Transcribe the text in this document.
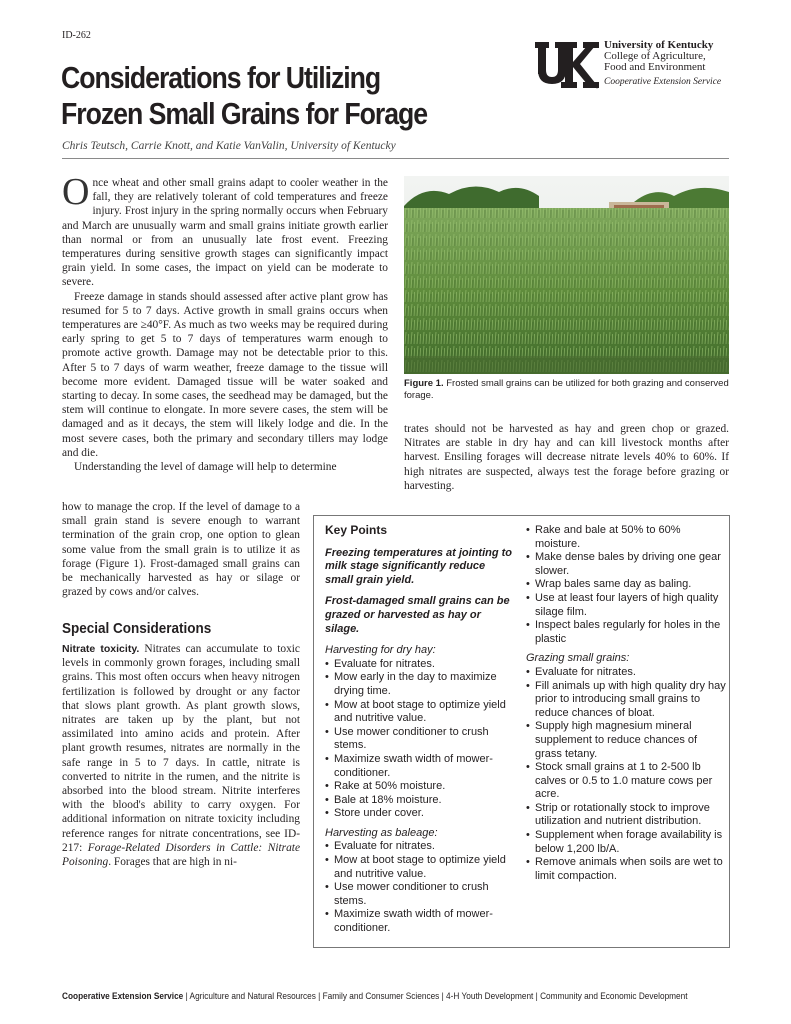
ID-262
Considerations for Utilizing
Frozen Small Grains for Forage
Chris Teutsch, Carrie Knott, and Katie VanValin, University of Kentucky
University of Kentucky
College of Agriculture,
Food and Environment
Cooperative Extension Service

Once wheat and other small grains adapt to cooler weather in the fall, they are relatively tolerant of cold temperatures and freeze injury. Frost injury in the spring normally occurs when February and March are unusually warm and small grains initiate growth earlier than normal or from an unusually late frost event. Freezing temperatures during sensitive growth stages can significantly impact grain yield. In some cases, the impact on yield can be moderate to severe.

Freeze damage in stands should assessed after active plant grow has resumed for 5 to 7 days. Active growth in small grains occurs when temperatures are ≥40°F. As much as two weeks may be required during early spring to get 5 to 7 days of temperatures warm enough to promote active growth. Damage may not be detectable prior to this. After 5 to 7 days of warm weather, freeze damage to the tissue will become more evident. Damaged tissue will be water soaked and starting to decay. In some cases, the seedhead may be damaged, but the stem will continue to elongate. In more severe cases, the stem will be damaged and as it decays, the stem will likely lodge and die. In the most severe cases, both the primary and secondary tillers may lodge and die.

Understanding the level of damage will help to determine

how to manage the crop. If the level of damage to a small grain stand is severe enough to warrant termination of the grain crop, one option to glean some value from the small grain is to utilize it as forage (Figure 1). Frost-damaged small grains can be mechanically harvested as hay or silage or grazed by cows and/or calves.
Special Considerations
Nitrate toxicity. Nitrates can accumulate to toxic levels in commonly grown forages, including small grains. This most often occurs when heavy nitrogen fertilization is followed by drought or any factor that slows plant growth. As plant growth slows, nitrates are taken up by the plant, but not assimilated into amino acids and protein. After plant growth resumes, nitrates are normally in the safe range in 5 to 7 days. In cattle, nitrate is converted to nitrite in the rumen, and the nitrite is absorbed into the blood stream. Nitrite interferes with the blood's ability to carry oxygen. For additional information on nitrate toxicity including reference ranges for nitrate concentrations, see ID-217: Forage-Related Disorders in Cattle: Nitrate Poisoning. Forages that are high in ni-
Figure 1. Frosted small grains can be utilized for both grazing and conserved forage.
trates should not be harvested as hay and green chop or grazed. Nitrates are stable in dry hay and can kill livestock months after harvest. Ensiling forages will decrease nitrate levels 40% to 60%. If high nitrates are suspected, always test the forage before grazing or harvesting.
Key Points

Freezing temperatures at jointing to milk stage significantly reduce small grain yield.

Frost-damaged small grains can be grazed or harvested as hay or silage.

Harvesting for dry hay:

• Evaluate for nitrates.
• Mow early in the day to maximize drying time.
• Mow at boot stage to optimize yield and nutritive value.
• Use mower conditioner to crush stems.
• Maximize swath width of mower-conditioner.
• Rake at 50% moisture.
• Bale at 18% moisture.
• Store under cover.

Harvesting as baleage:

• Evaluate for nitrates.
• Mow at boot stage to optimize yield and nutritive value.
• Use mower conditioner to crush stems.
• Maximize swath width of mower-conditioner.
• Rake and bale at 50% to 60% moisture.
• Make dense bales by driving one gear slower.
• Wrap bales same day as baling.
• Use at least four layers of high quality silage film.
• Inspect bales regularly for holes in the plastic

Grazing small grains:

• Evaluate for nitrates.
• Fill animals up with high quality dry hay prior to introducing small grains to reduce chances of bloat.
• Supply high magnesium mineral supplement to reduce chances of grass tetany.
• Stock small grains at 1 to 2-500 lb calves or 0.5 to 1.0 mature cows per acre.
• Strip or rotationally stock to improve utilization and nutrient distribution.
• Supplement when forage availability is below 1,200 lb/A.
• Remove animals when soils are wet to limit compaction.
Cooperative Extension Service | Agriculture and Natural Resources | Family and Consumer Sciences | 4-H Youth Development | Community and Economic Development
